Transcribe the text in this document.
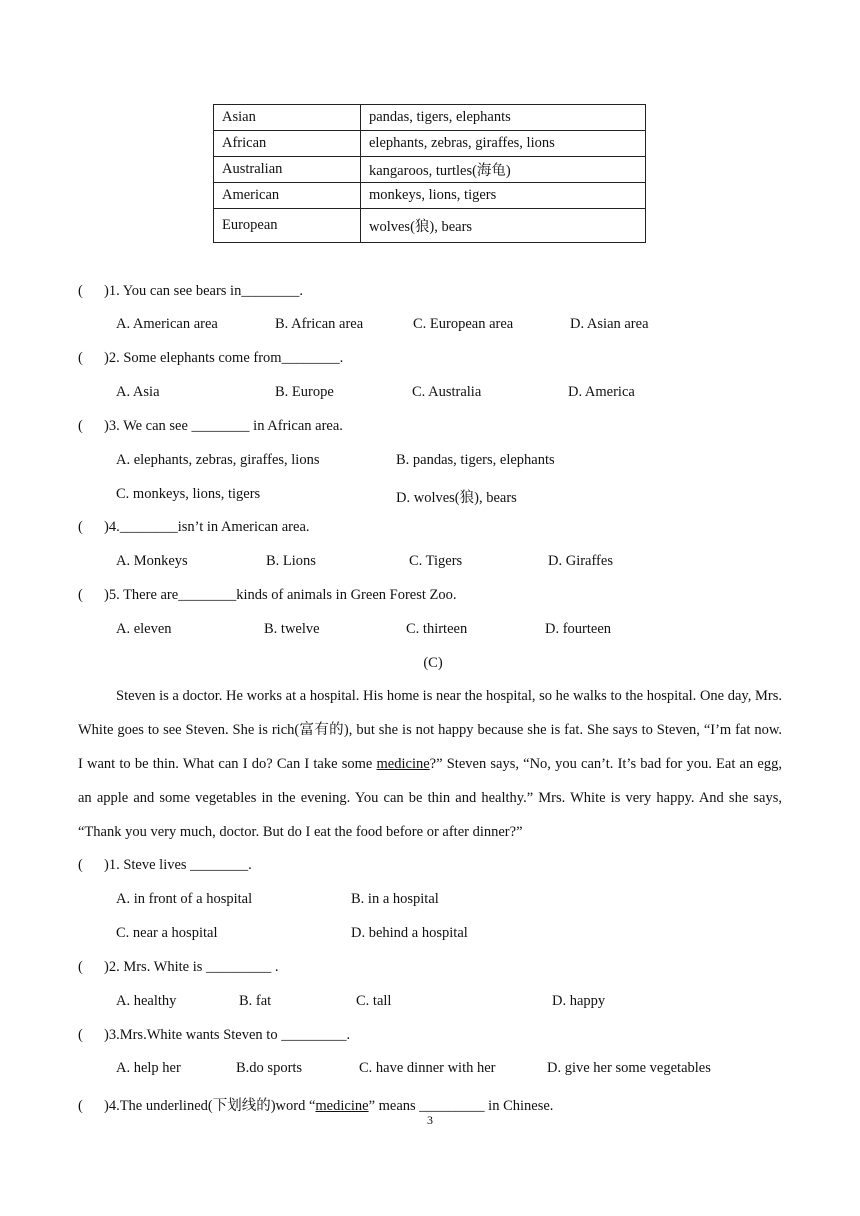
Asian	pandas, tigers, elephants
African	elephants, zebras, giraffes, lions
Australian	kangaroos, turtles(海龟)
American	monkeys, lions, tigers
European	wolves(狼), bears
( )1. You can see bears in________.
A. American area	B. African area	C. European area	D. Asian area
( )2. Some elephants come from________.
A. Asia	B. Europe	C. Australia	D. America
( )3. We can see ________ in African area.
A. elephants, zebras, giraffes, lions	B. pandas, tigers, elephants
C. monkeys, lions, tigers	D. wolves(狼), bears
( )4.________isn’t in American area.
A. Monkeys	B. Lions	C. Tigers	D. Giraffes
( )5. There are________kinds of animals in Green Forest Zoo.
A. eleven	B. twelve	C. thirteen	D. fourteen
(C)

Steven is a doctor. He works at a hospital. His home is near the hospital, so he walks to the hospital. One day, Mrs. White goes to see Steven. She is rich(富有的), but she is not happy because she is fat. She says to Steven, “I’m fat now. I want to be thin. What can I do? Can I take some medicine?” Steven says, “No, you can’t. It’s bad for you. Eat an egg, an apple and some vegetables in the evening. You can be thin and healthy.” Mrs. White is very happy. And she says, “Thank you very much, doctor. But do I eat the food before or after dinner?”

( )1. Steve lives ________.
A. in front of a hospital	B. in a hospital
C. near a hospital	D. behind a hospital
( )2. Mrs. White is _________ .
A. healthy	B. fat	C. tall	D. happy
( )3.Mrs.White wants Steven to _________.
A. help her	B.do sports	C. have dinner with her	D. give her some vegetables
( )4.The underlined(下划线的)word “medicine” means _________ in Chinese.
3
